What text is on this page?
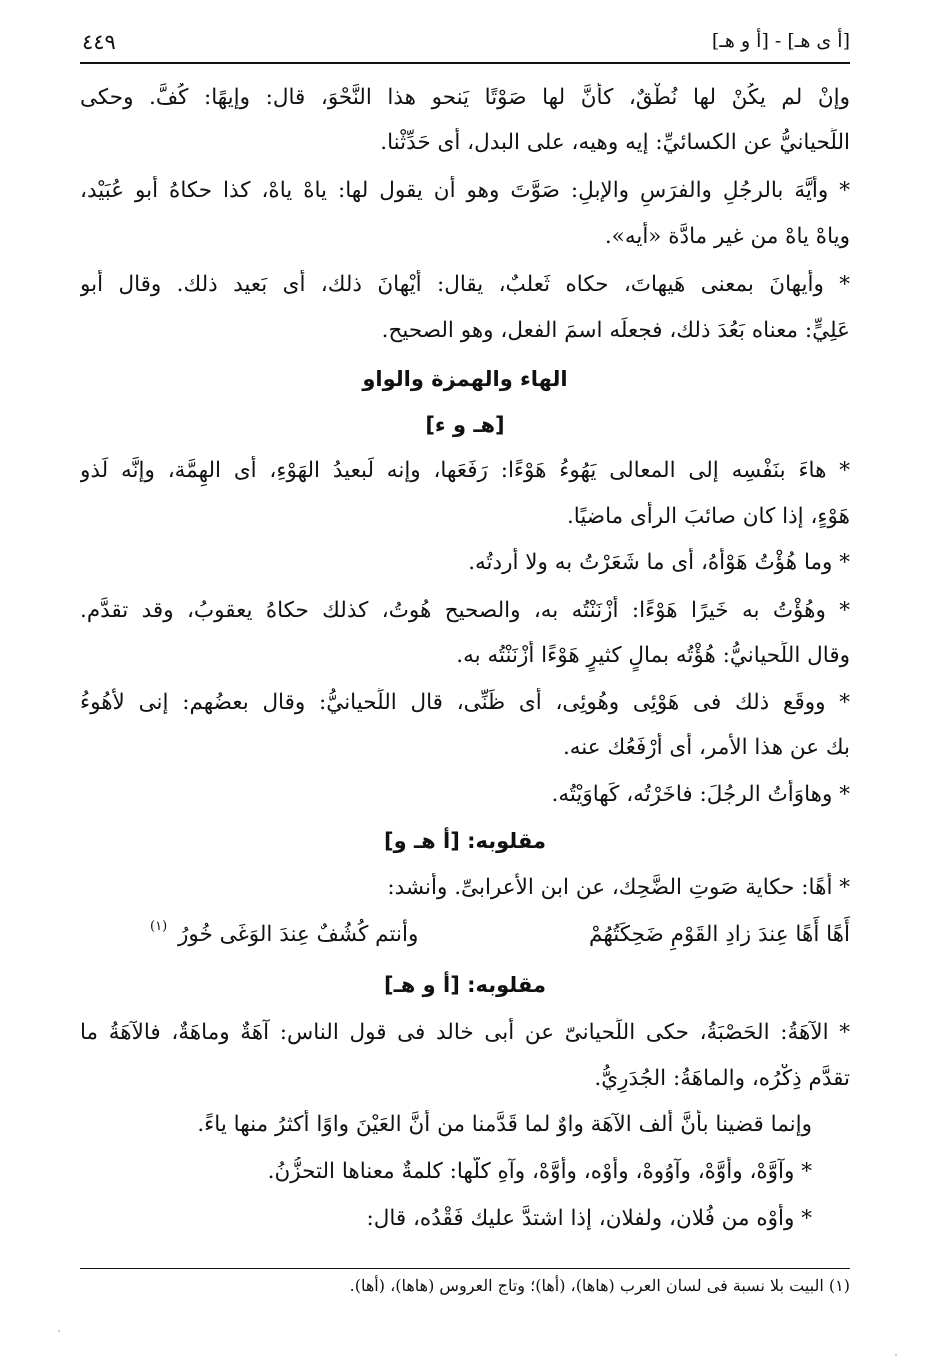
٤٤٩	[أ ى هـ] - [أ و هـ]
وإنْ لم يكُنْ لها نُطْقٌ، كأنَّ لها صَوْتًا يَنحو هذا النَّحْوَ، قال: وإيهًا: كُفَّ. وحكى
اللِّحيانيُّ عن الكسائيِّ: إيه وهيه، على البدل، أى حَدِّثْنا.
* وأَيَّهَ بالرجُلِ والفرَسِ والإبلِ: صَوَّتَ وهو أن يقول لها: ياهْ ياهْ، كذا حكاهُ أبو عُبَيْد،
وياهْ ياهْ من غير مادَّة «أيه».
* وأيهانَ بمعنى هَيهاتَ، حكاه ثَعلبٌ، يقال: أيْهانَ ذلك، أى بَعيد ذلك. وقال أبو
عَلِيٍّ: معناه بَعُدَ ذلك، فجعلَه اسمَ الفعل، وهو الصحيح.
الهاء والهمزة والواو
[هـ و ء]
* هاءَ بنَفْسِه إلى المعالى يَهُوءُ هَوْءًا: رَفَعَها، وإنه لَبعيدُ الهَوْءِ، أى الهِمَّة، وإنَّه لَذو
هَوْءٍ، إذا كان صائبَ الرأى ماضيًا.
* وما هُؤْتُ هَوْأَهُ، أى ما شَعَرْتُ به ولا أردتُه.
* وهُؤْتُ به خَيرًا هَوْءًا: أزْنَنْتُه به، والصحيح هُوتُ، كذلك حكاهُ يعقوبُ، وقد تقدَّم.
وقال اللِّحيانيُّ: هُؤْتُه بمالٍ كثيرٍ هَوْءًا أزْنَنْتُه به.
* ووقَع ذلك فى هَوْئِى وهُوئِى، أى ظَنِّى، قال اللِّحيانيُّ: وقال بعضُهم: إنى لأَهُوءُ
بك عن هذا الأمر، أى أرْفَعُك عنه.
* وهاوَأْتُ الرجُلَ: فاخَرْتُه، كَهاوَيْتُه.
مقلوبه: [أ هـ و]
* أَهًا: حكاية صَوتِ الضَّحِك، عن ابن الأعرابىِّ. وأنشد:
أَهًا أَهًا عِندَ زادِ القَوْمِ ضَحِكَتُهُمْ
وأنتم كُشُفٌ عِندَ الوَغَى خُورُ
(١)
مقلوبه: [أ و هـ]
* الآهَةُ: الحَصْبَةُ، حكى اللِّحيانىّ عن أبى خالد فى قول الناس: آهَةٌ وماهَةٌ، فالآهَةُ ما
تقدَّم ذِكْرُه، والماهَةُ: الجُدَرِيُّ.
وإنما قضينا بأنَّ ألف الآهَة واوٌ لما قَدَّمنا من أنَّ العَيْنَ واوًا أكثرُ منها ياءً.
* وآوَّهْ، وأَوَّهْ، وآوُوهْ، وأوْه، وأوَّهْ، وآهِ كلُّها: كلمةٌ معناها التحزُّنُ.
* وأوْه من فُلان، ولفلان، إذا اشتدَّ عليك فَقْدُه، قال:
(١) البيت بلا نسبة فى لسان العرب (هاها)، (أها)؛ وتاج العروس (هاها)، (أها).
